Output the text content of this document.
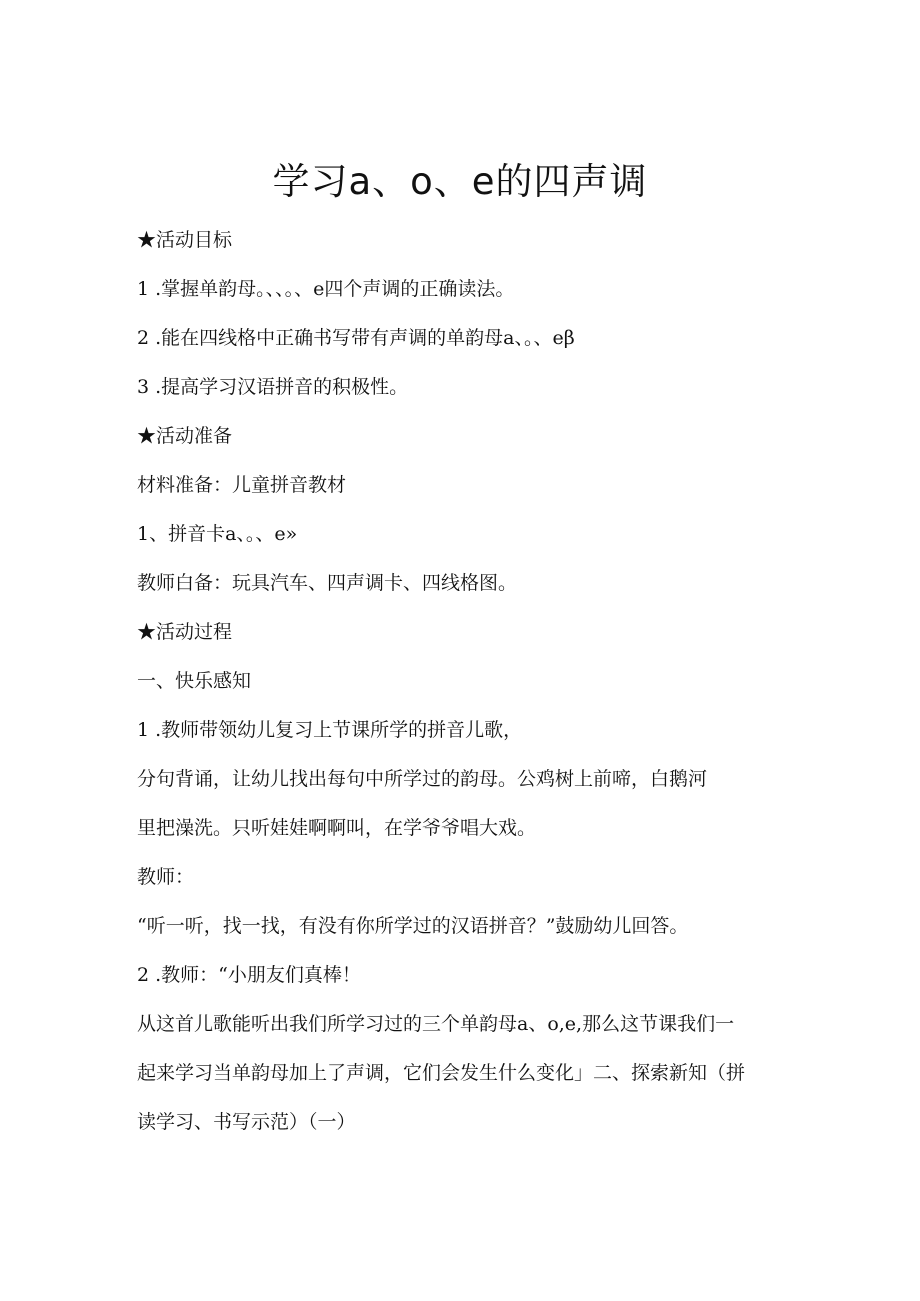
学习a、o、e的四声调
★活动目标
1 .掌握单韵母。、、。、e四个声调的正确读法。
2 .能在四线格中正确书写带有声调的单韵母a、。、eβ
3 .提高学习汉语拼音的积极性。
★活动准备
材料准备：儿童拼音教材
1、拼音卡a、。、e»
教师白备：玩具汽车、四声调卡、四线格图。
★活动过程
一、快乐感知
1 .教师带领幼儿复习上节课所学的拼音儿歌，
分句背诵，让幼儿找出每句中所学过的韵母。公鸡树上前啼，白鹅河
里把澡洗。只听娃娃啊啊叫，在学爷爷唱大戏。
教师：
“听一听，找一找，有没有你所学过的汉语拼音？”鼓励幼儿回答。
2 .教师：“小朋友们真棒！
从这首儿歌能听出我们所学习过的三个单韵母a、o,e,那么这节课我们一
起来学习当单韵母加上了声调，它们会发生什么变化」二、探索新知（拼
读学习、书写示范）（一）
